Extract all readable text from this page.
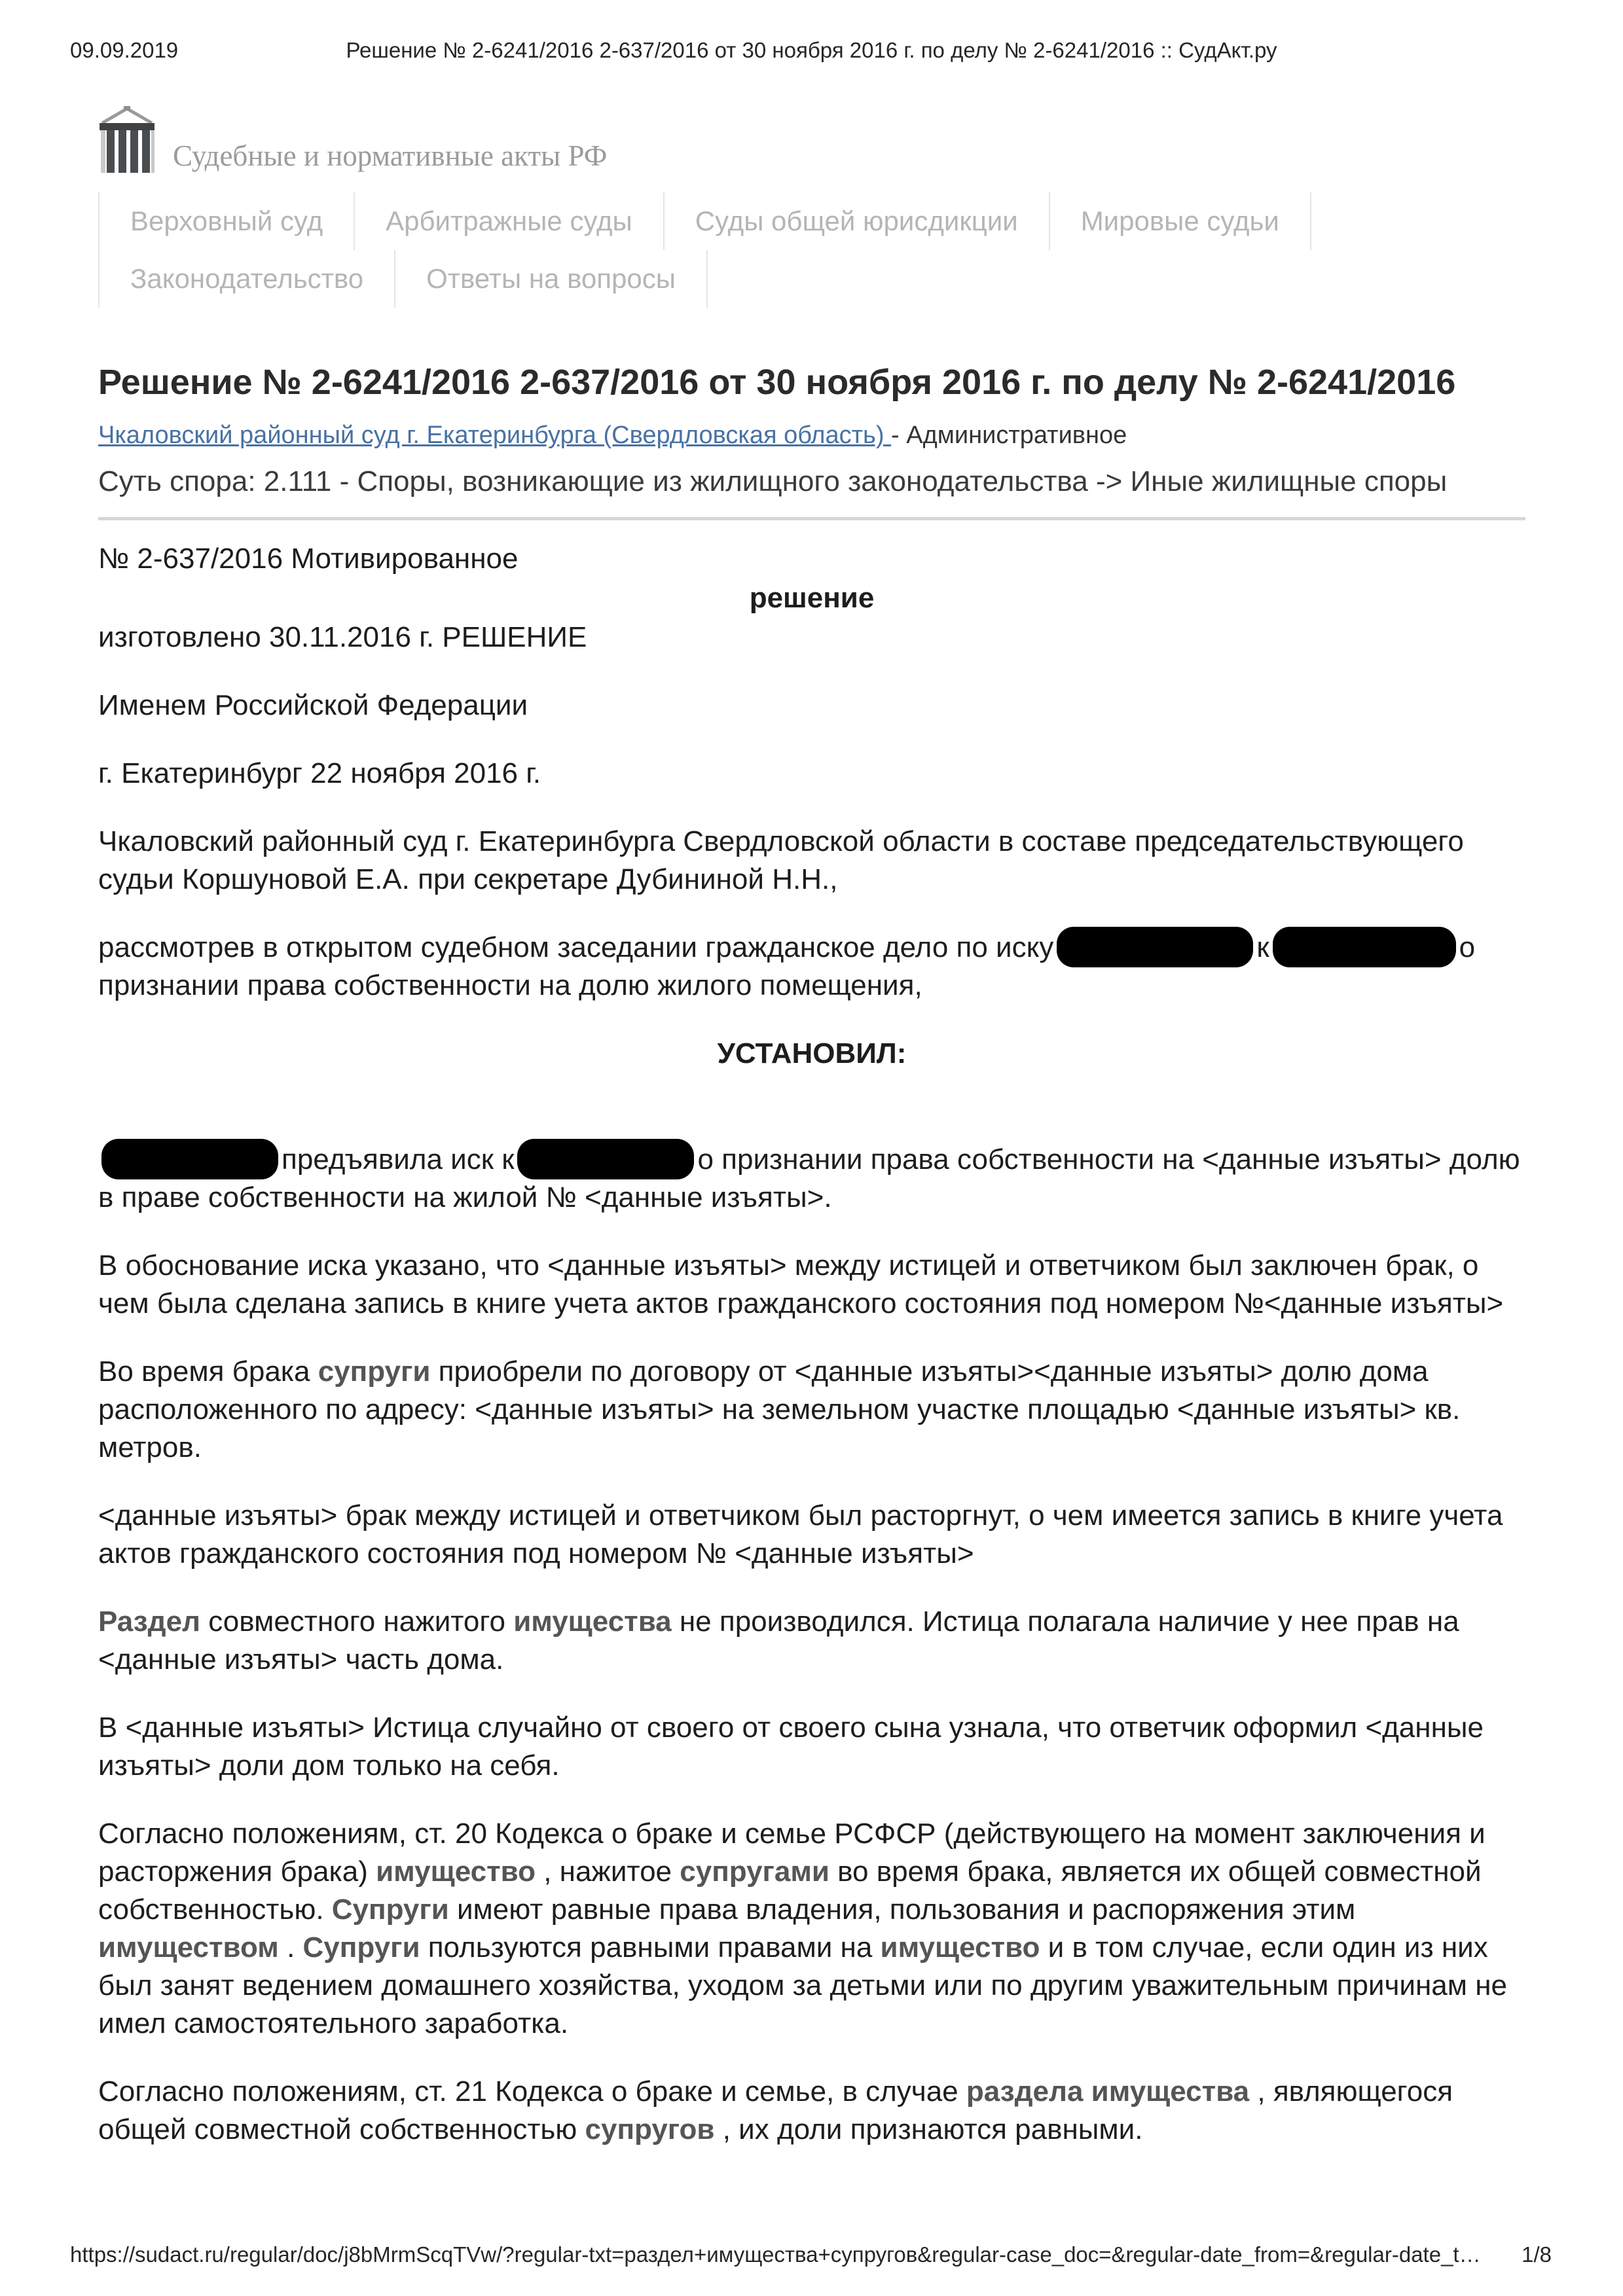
09.09.2019	Решение № 2-6241/2016 2-637/2016 от 30 ноября 2016 г. по делу № 2-6241/2016 :: СудАкт.ру
Судебные и нормативные акты РФ
Верховный суд	Арбитражные суды	Суды общей юрисдикции	Мировые судьи
Законодательство	Ответы на вопросы
Решение № 2-6241/2016 2-637/2016 от 30 ноября 2016 г. по делу № 2-6241/2016
Чкаловский районный суд г. Екатеринбурга (Свердловская область) - Административное
Суть спора: 2.111 - Споры, возникающие из жилищного законодательства -> Иные жилищные споры

№ 2-637/2016 Мотивированное

решение

изготовлено 30.11.2016 г. РЕШЕНИЕ

Именем Российской Федерации

г. Екатеринбург 22 ноября 2016 г.

Чкаловский районный суд г. Екатеринбурга Свердловской области в составе председательствующего судьи Коршуновой Е.А. при секретаре Дубининой Н.Н.,

рассмотрев в открытом судебном заседании гражданское дело по иску	к	о признании права собственности на долю жилого помещения,

УСТАНОВИЛ:

предъявила иск к	о признании права собственности на <данные изъяты> долю в праве собственности на жилой № <данные изъяты>.

В обоснование иска указано, что <данные изъяты> между истицей и ответчиком был заключен брак, о чем была сделана запись в книге учета актов гражданского состояния под номером №<данные изъяты>

Во время брака супруги приобрели по договору от <данные изъяты><данные изъяты> долю дома расположенного по адресу: <данные изъяты> на земельном участке площадью <данные изъяты> кв. метров.

<данные изъяты> брак между истицей и ответчиком был расторгнут, о чем имеется запись в книге учета актов гражданского состояния под номером № <данные изъяты>

Раздел совместного нажитого имущества не производился. Истица полагала наличие у нее прав на <данные изъяты> часть дома.

В <данные изъяты> Истица случайно от своего от своего сына узнала, что ответчик оформил <данные изъяты> доли дом только на себя.

Согласно положениям, ст. 20 Кодекса о браке и семье РСФСР (действующего на момент заключения и расторжения брака) имущество , нажитое супругами во время брака, является их общей совместной собственностью. Супруги имеют равные права владения, пользования и распоряжения этим имуществом . Супруги пользуются равными правами на имущество и в том случае, если один из них был занят ведением домашнего хозяйства, уходом за детьми или по другим уважительным причинам не имел самостоятельного заработка.

Согласно положениям, ст. 21 Кодекса о браке и семье, в случае раздела имущества , являющегося общей совместной собственностью супругов , их доли признаются равными.

https://sudact.ru/regular/doc/j8bMrmScqTVw/?regular-txt=раздел+имущества+супругов&regular-case_doc=&regular-date_from=&regular-date_t… 1/8
